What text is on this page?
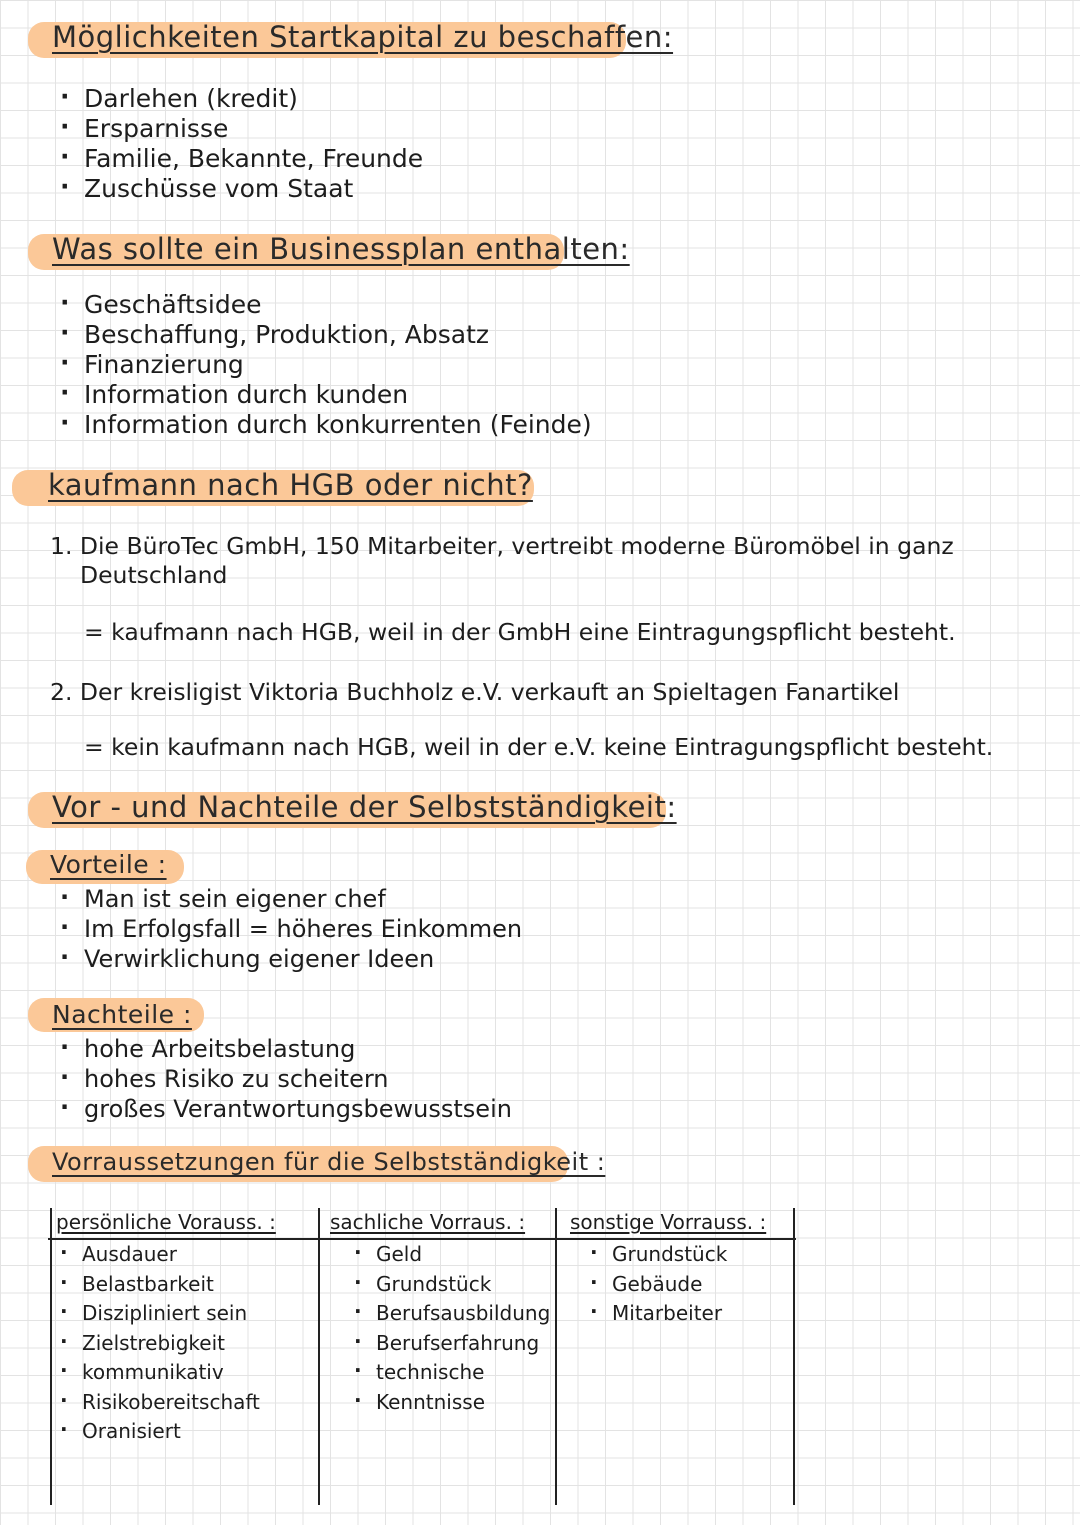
Möglichkeiten Startkapital zu beschaffen:
· Darlehen (kredit)
· Ersparnisse
· Familie, Bekannte, Freunde
· Zuschüsse vom Staat
Was sollte ein Businessplan enthalten:
· Geschäftsidee
· Beschaffung, Produktion, Absatz
· Finanzierung
· Information durch kunden
· Information durch konkurrenten (Feinde)
kaufmann nach HGB oder nicht?
1. Die BüroTec GmbH, 150 Mitarbeiter, vertreibt moderne Büromöbel in ganz
Deutschland
= kaufmann nach HGB, weil in der GmbH eine Eintragungspflicht besteht.
2. Der kreisligist Viktoria Buchholz e.V. verkauft an Spieltagen Fanartikel
= kein kaufmann nach HGB, weil in der e.V. keine Eintragungspflicht besteht.
Vor - und Nachteile der Selbstständigkeit:
Vorteile :
· Man ist sein eigener chef
· Im Erfolgsfall = höheres Einkommen
· Verwirklichung eigener Ideen
Nachteile :
· hohe Arbeitsbelastung
· hohes Risiko zu scheitern
· großes Verantwortungsbewusstsein
Vorraussetzungen für die Selbstständigkeit :
persönliche Vorauss. :
· Ausdauer
· Belastbarkeit
· Diszipliniert sein
· Zielstrebigkeit
· kommunikativ
· Risikobereitschaft
· Oranisiert
sachliche Vorraus. :
· Geld
· Grundstück
· Berufsausbildung
· Berufserfahrung
· technische
· Kenntnisse
sonstige Vorrauss. :
· Grundstück
· Gebäude
· Mitarbeiter
